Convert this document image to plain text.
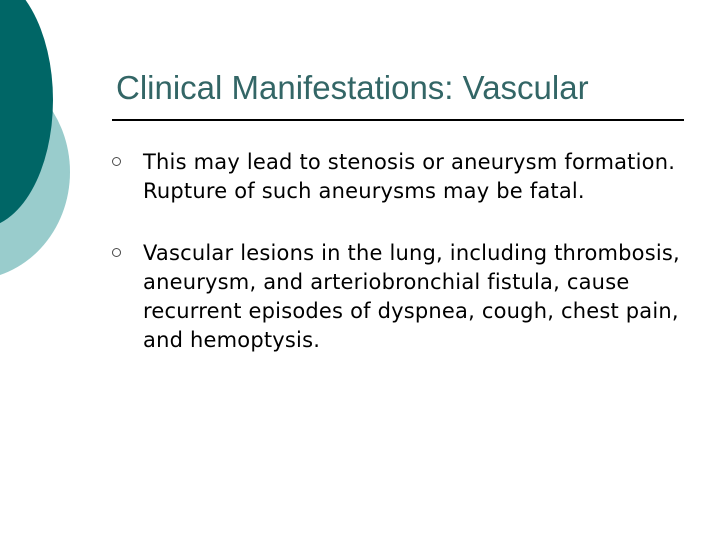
Clinical Manifestations: Vascular
This may lead to stenosis or aneurysm formation. Rupture of such aneurysms may be fatal.
Vascular lesions in the lung, including thrombosis, aneurysm, and arteriobronchial fistula, cause recurrent episodes of dyspnea, cough, chest pain, and hemoptysis.
